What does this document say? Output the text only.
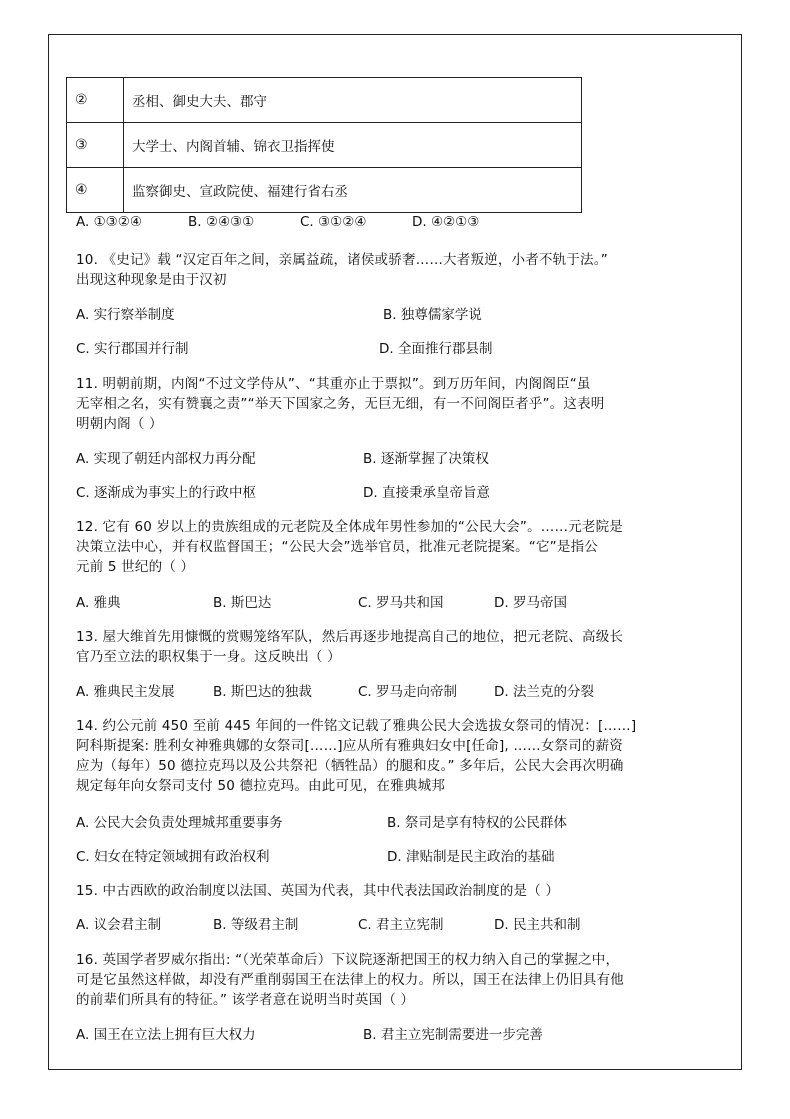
②	丞相、御史大夫、郡守
③	大学士、内阁首辅、锦衣卫指挥使
④	监察御史、宣政院使、福建行省右丞
A. ①③②④	B. ②④③①	C. ③①②④	D. ④②①③
10. 《史记》载 “汉定百年之间，亲属益疏，诸侯或骄奢……大者叛逆，小者不轨于法。”
出现这种现象是由于汉初
A. 实行察举制度	B. 独尊儒家学说
C. 实行郡国并行制	D. 全面推行郡县制
11. 明朝前期，内阁“不过文学侍从”、“其重亦止于票拟”。到万历年间，内阁阁臣“虽
无宰相之名，实有赞襄之责”“举天下国家之务，无巨无细，有一不问阁臣者乎”。这表明
明朝内阁（ ）
A. 实现了朝廷内部权力再分配	B. 逐渐掌握了决策权
C. 逐渐成为事实上的行政中枢	D. 直接秉承皇帝旨意
12. 它有 60 岁以上的贵族组成的元老院及全体成年男性参加的“公民大会”。……元老院是
决策立法中心，并有权监督国王；“公民大会”选举官员，批准元老院提案。“它”是指公
元前 5 世纪的（ ）
A. 雅典	B. 斯巴达	C. 罗马共和国	D. 罗马帝国
13. 屋大维首先用慷慨的赏赐笼络军队，然后再逐步地提高自己的地位，把元老院、高级长
官乃至立法的职权集于一身。这反映出（ ）
A. 雅典民主发展	B. 斯巴达的独裁	C. 罗马走向帝制	D. 法兰克的分裂
14. 约公元前 450 至前 445 年间的一件铭文记载了雅典公民大会选拔女祭司的情况：[……]
阿科斯提案: 胜利女神雅典娜的女祭司[……]应从所有雅典妇女中[任命], ……女祭司的薪资
应为（每年）50 德拉克玛以及公共祭祀（牺牲品）的腿和皮。” 多年后，公民大会再次明确
规定每年向女祭司支付 50 德拉克玛。由此可见，在雅典城邦
A. 公民大会负责处理城邦重要事务	B. 祭司是享有特权的公民群体
C. 妇女在特定领域拥有政治权利	D. 津贴制是民主政治的基础
15. 中古西欧的政治制度以法国、英国为代表，其中代表法国政治制度的是（ ）
A. 议会君主制	B. 等级君主制	C. 君主立宪制	D. 民主共和制
16. 英国学者罗威尔指出: “（光荣革命后）下议院逐渐把国王的权力纳入自己的掌握之中，
可是它虽然这样做，却没有严重削弱国王在法律上的权力。所以，国王在法律上仍旧具有他
的前辈们所具有的特征。” 该学者意在说明当时英国（ ）
A. 国王在立法上拥有巨大权力	B. 君主立宪制需要进一步完善
